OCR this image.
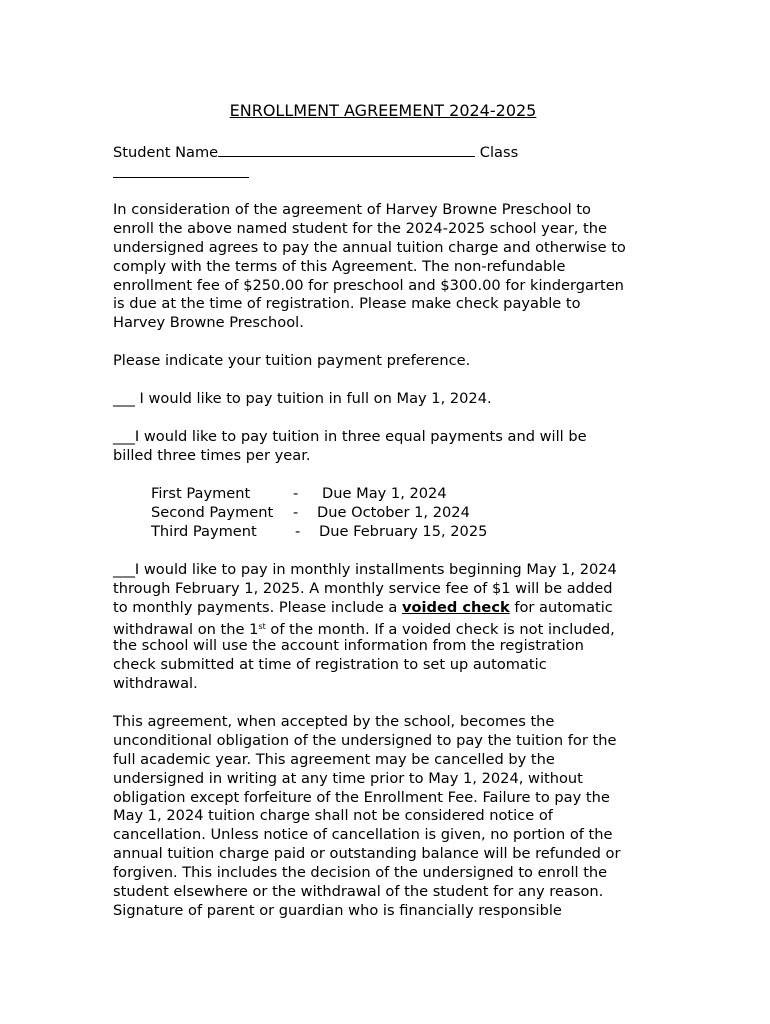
ENROLLMENT AGREEMENT 2024-2025
Student Name	Class
In consideration of the agreement of Harvey Browne Preschool to
enroll the above named student for the 2024-2025 school year, the
undersigned agrees to pay the annual tuition charge and otherwise to
comply with the terms of this Agreement. The non-refundable
enrollment fee of $250.00 for preschool and $300.00 for kindergarten
is due at the time of registration. Please make check payable to
Harvey Browne Preschool.
Please indicate your tuition payment preference.
___ I would like to pay tuition in full on May 1, 2024.
___I would like to pay tuition in three equal payments and will be
billed three times per year.
First Payment	- Due May 1, 2024
Second Payment - Due October 1, 2024
Third Payment	- Due February 15, 2025
___I would like to pay in monthly installments beginning May 1, 2024
through February 1, 2025. A monthly service fee of $1 will be added
to monthly payments. Please include a voided check for automatic
withdrawal on the 1st of the month. If a voided check is not included,
the school will use the account information from the registration
check submitted at time of registration to set up automatic
withdrawal.
This agreement, when accepted by the school, becomes the
unconditional obligation of the undersigned to pay the tuition for the
full academic year. This agreement may be cancelled by the
undersigned in writing at any time prior to May 1, 2024, without
obligation except forfeiture of the Enrollment Fee. Failure to pay the
May 1, 2024 tuition charge shall not be considered notice of
cancellation. Unless notice of cancellation is given, no portion of the
annual tuition charge paid or outstanding balance will be refunded or
forgiven. This includes the decision of the undersigned to enroll the
student elsewhere or the withdrawal of the student for any reason.
Signature of parent or guardian who is financially responsible
